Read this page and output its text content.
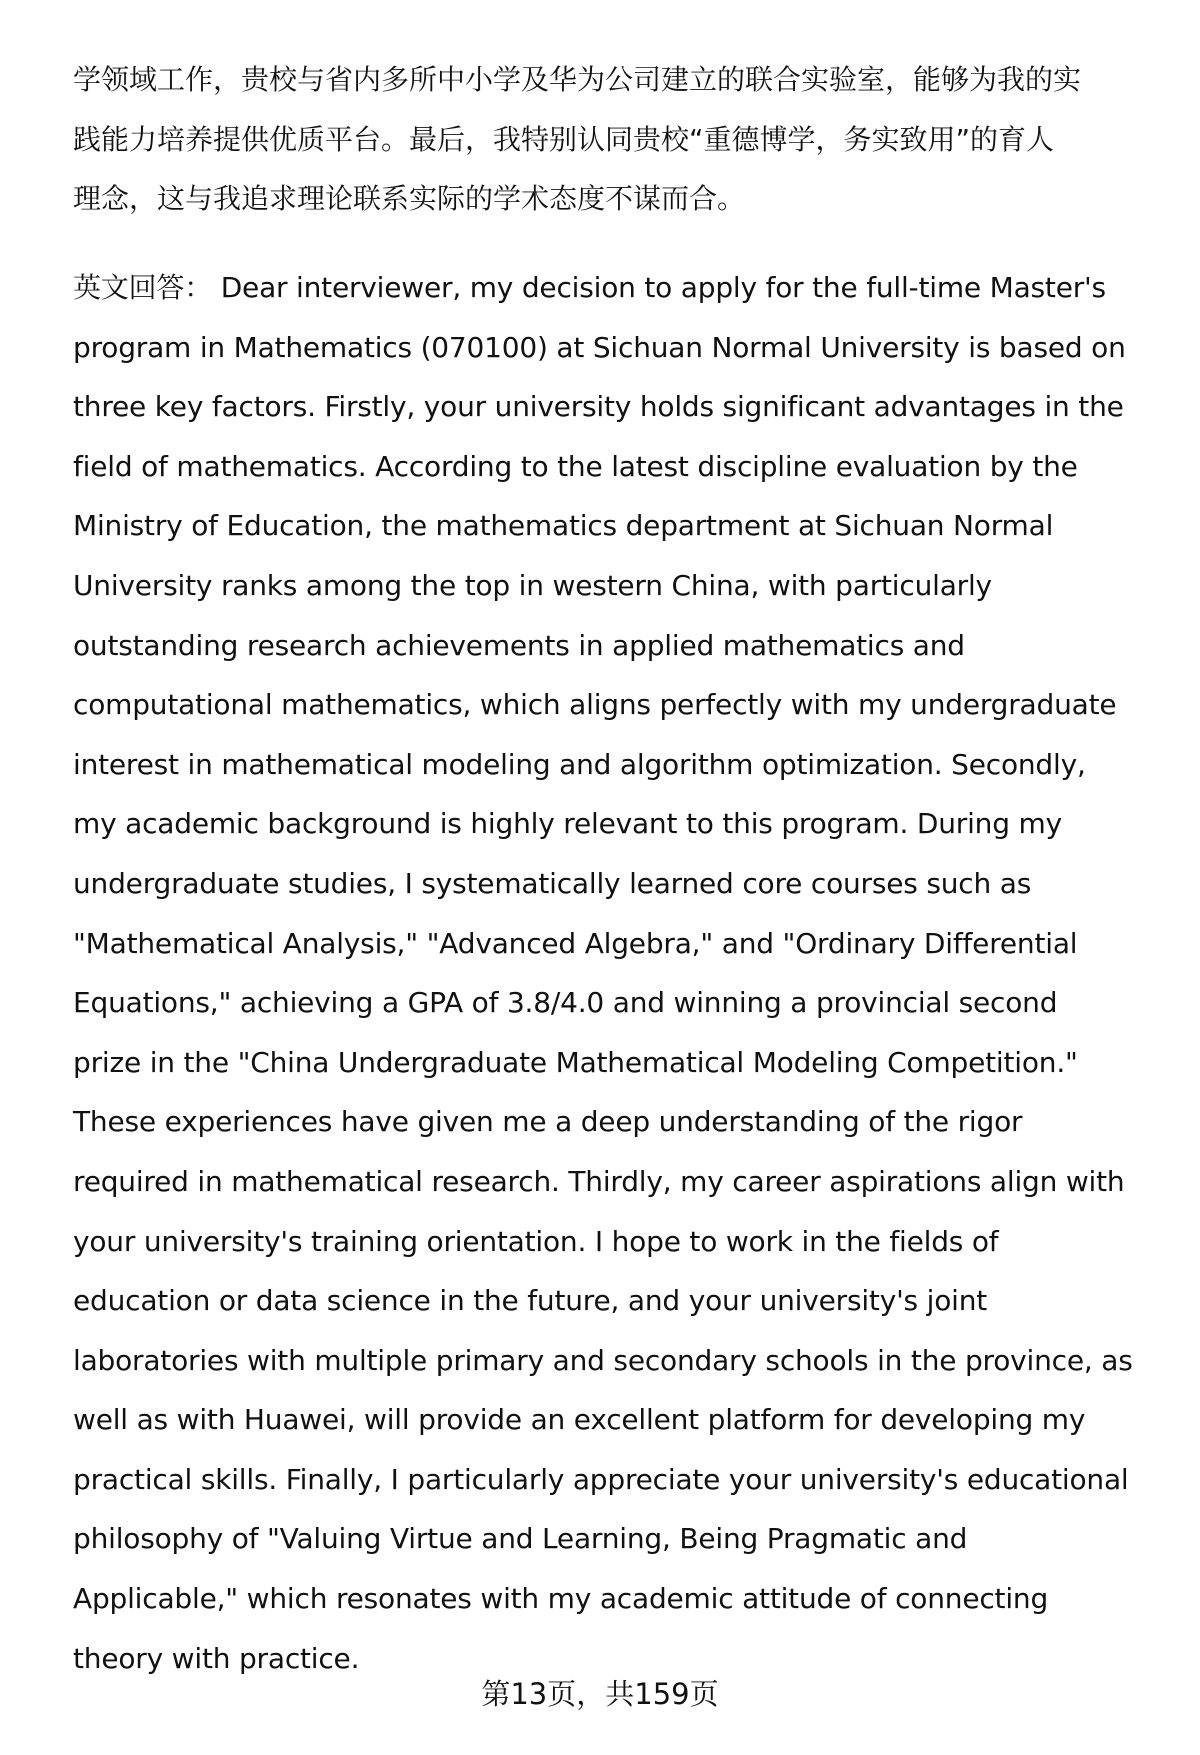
学领域工作，贵校与省内多所中小学及华为公司建立的联合实验室，能够为我的实
践能力培养提供优质平台。最后，我特别认同贵校“重德博学，务实致用”的育人
理念，这与我追求理论联系实际的学术态度不谋而合。
英文回答： Dear interviewer, my decision to apply for the full-time Master's
program in Mathematics (070100) at Sichuan Normal University is based on
three key factors. Firstly, your university holds significant advantages in the
field of mathematics. According to the latest discipline evaluation by the
Ministry of Education, the mathematics department at Sichuan Normal
University ranks among the top in western China, with particularly
outstanding research achievements in applied mathematics and
computational mathematics, which aligns perfectly with my undergraduate
interest in mathematical modeling and algorithm optimization. Secondly,
my academic background is highly relevant to this program. During my
undergraduate studies, I systematically learned core courses such as
"Mathematical Analysis," "Advanced Algebra," and "Ordinary Differential
Equations," achieving a GPA of 3.8/4.0 and winning a provincial second
prize in the "China Undergraduate Mathematical Modeling Competition."
These experiences have given me a deep understanding of the rigor
required in mathematical research. Thirdly, my career aspirations align with
your university's training orientation. I hope to work in the fields of
education or data science in the future, and your university's joint
laboratories with multiple primary and secondary schools in the province, as
well as with Huawei, will provide an excellent platform for developing my
practical skills. Finally, I particularly appreciate your university's educational
philosophy of "Valuing Virtue and Learning, Being Pragmatic and
Applicable," which resonates with my academic attitude of connecting
theory with practice.
第13页，共159页
